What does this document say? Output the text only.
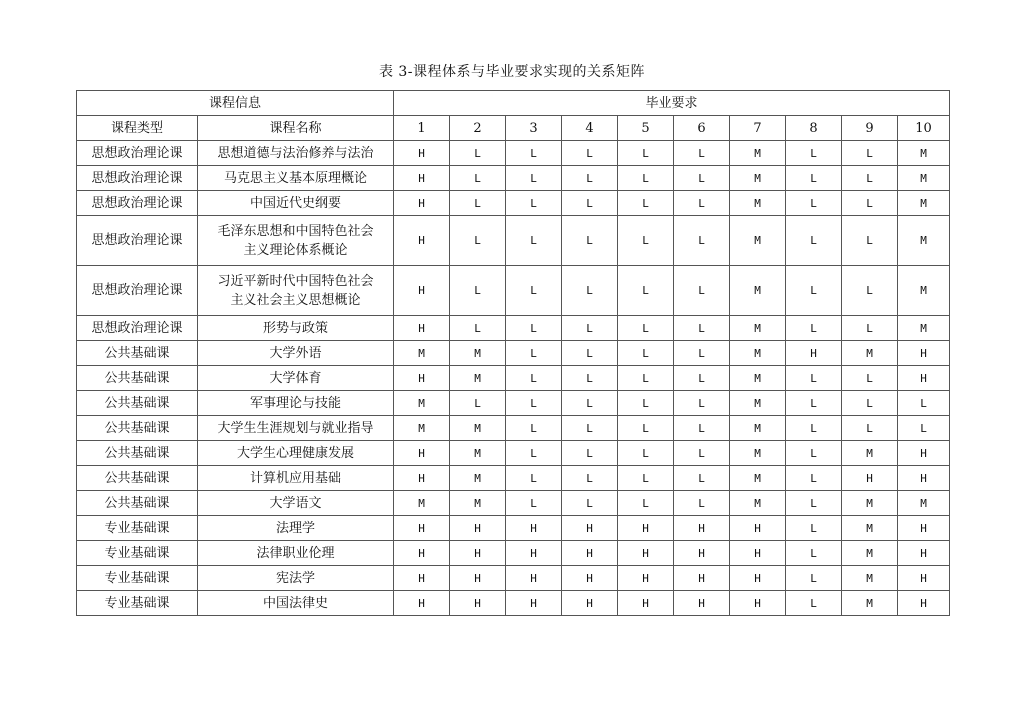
表 3-课程体系与毕业要求实现的关系矩阵
课程信息		毕业要求									
课程类型	课程名称	1	2	3	4	5	6	7	8	9	10
思想政治理论课	思想道德与法治修养与法治	H	L	L	L	L	L	M	L	L	M
思想政治理论课	马克思主义基本原理概论	H	L	L	L	L	L	M	L	L	M
思想政治理论课	中国近代史纲要	H	L	L	L	L	L	M	L	L	M
思想政治理论课	毛泽东思想和中国特色社会
主义理论体系概论	H	L	L	L	L	L	M	L	L	M
思想政治理论课	习近平新时代中国特色社会
主义社会主义思想概论	H	L	L	L	L	L	M	L	L	M
思想政治理论课	形势与政策	H	L	L	L	L	L	M	L	L	M
公共基础课	大学外语	M	M	L	L	L	L	M	H	M	H
公共基础课	大学体育	H	M	L	L	L	L	M	L	L	H
公共基础课	军事理论与技能	M	L	L	L	L	L	M	L	L	L
公共基础课	大学生生涯规划与就业指导	M	M	L	L	L	L	M	L	L	L
公共基础课	大学生心理健康发展	H	M	L	L	L	L	M	L	M	H
公共基础课	计算机应用基础	H	M	L	L	L	L	M	L	H	H
公共基础课	大学语文	M	M	L	L	L	L	M	L	M	M
专业基础课	法理学	H	H	H	H	H	H	H	L	M	H
专业基础课	法律职业伦理	H	H	H	H	H	H	H	L	M	H
专业基础课	宪法学	H	H	H	H	H	H	H	L	M	H
专业基础课	中国法律史	H	H	H	H	H	H	H	L	M	H
